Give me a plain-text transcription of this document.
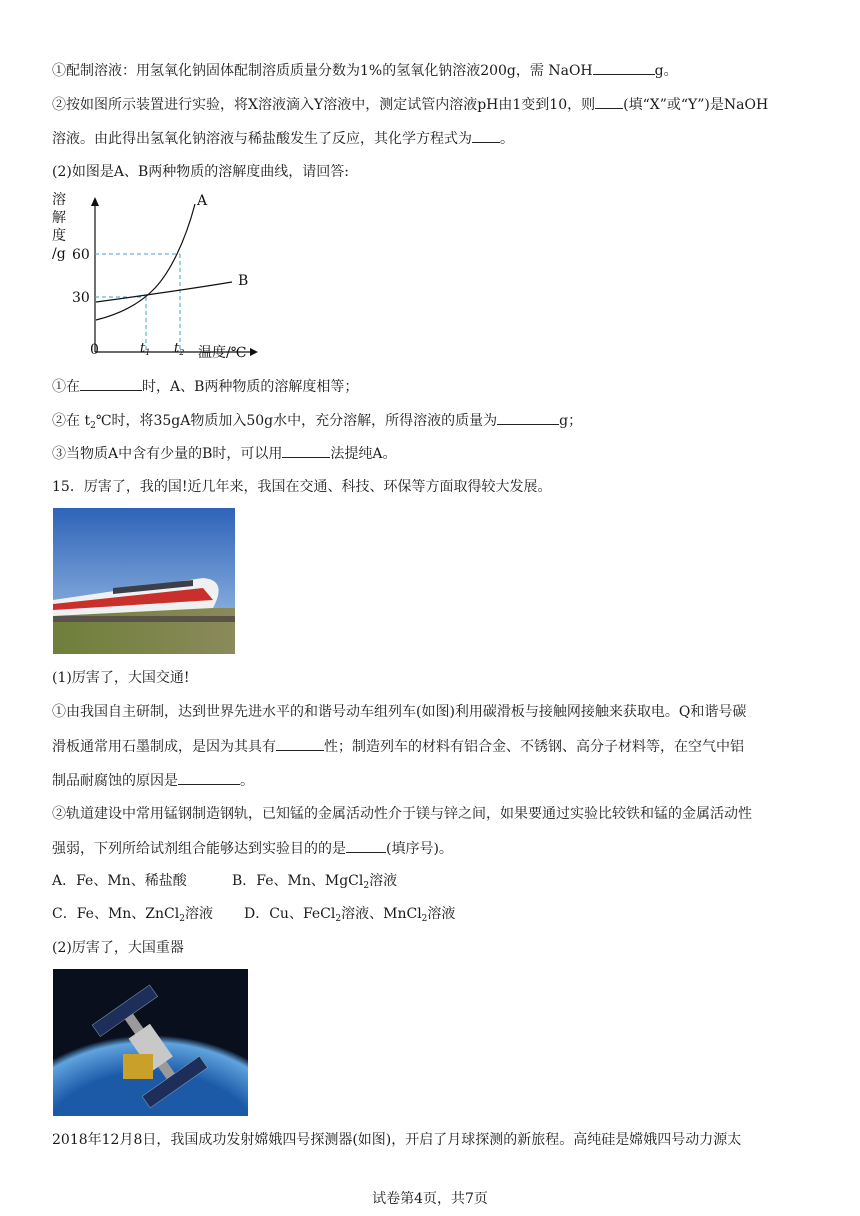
①配制溶液：用氢氧化钠固体配制溶质质量分数为1%的氢氧化钠溶液200g，需 NaOH	g。
②按如图所示装置进行实验，将X溶液滴入Y溶液中，测定试管内溶液pH由1变到10，则 (填“X”或“Y”)是NaOH
溶液。由此得出氢氧化钠溶液与稀盐酸发生了反应，其化学方程式为 。
(2)如图是A、B两种物质的溶解度曲线，请回答:
A
B
溶
解
度
/g 60
30
0	$t_1$ $t_2$ 温度/℃
①在	时，A、B两种物质的溶解度相等；
②在 $t_2℃$时，将35gA物质加入50g水中，充分溶解，所得溶液的质量为	g；
③当物质A中含有少量的B时，可以用	法提纯A。
15．厉害了，我的国!近几年来，我国在交通、科技、环保等方面取得较大发展。
(1)厉害了，大国交通!
①由我国自主研制，达到世界先进水平的和谐号动车组列车(如图)利用碳滑板与接触网接触来获取电。Q和谐号碳
滑板通常用石墨制成，是因为其具有	性；制造列车的材料有铝合金、不锈钢、高分子材料等，在空气中铝
制品耐腐蚀的原因是	。
②轨道建设中常用锰钢制造钢轨，已知锰的金属活动性介于镁与锌之间，如果要通过实验比较铁和锰的金属活动性
强弱，下列所给试剂组合能够达到实验目的的是	(填序号)。
A．Fe、Mn、稀盐酸	B．Fe、Mn、MgCl$_2$溶液
C．Fe、Mn、ZnCl$_2$溶液 D．Cu、FeCl$_2$溶液、MnCl$_2$溶液
(2)厉害了，大国重器
2018年12月8日，我国成功发射嫦娥四号探测器(如图)，开启了月球探测的新旅程。高纯硅是嫦娥四号动力源太
试卷第4页，共7页
